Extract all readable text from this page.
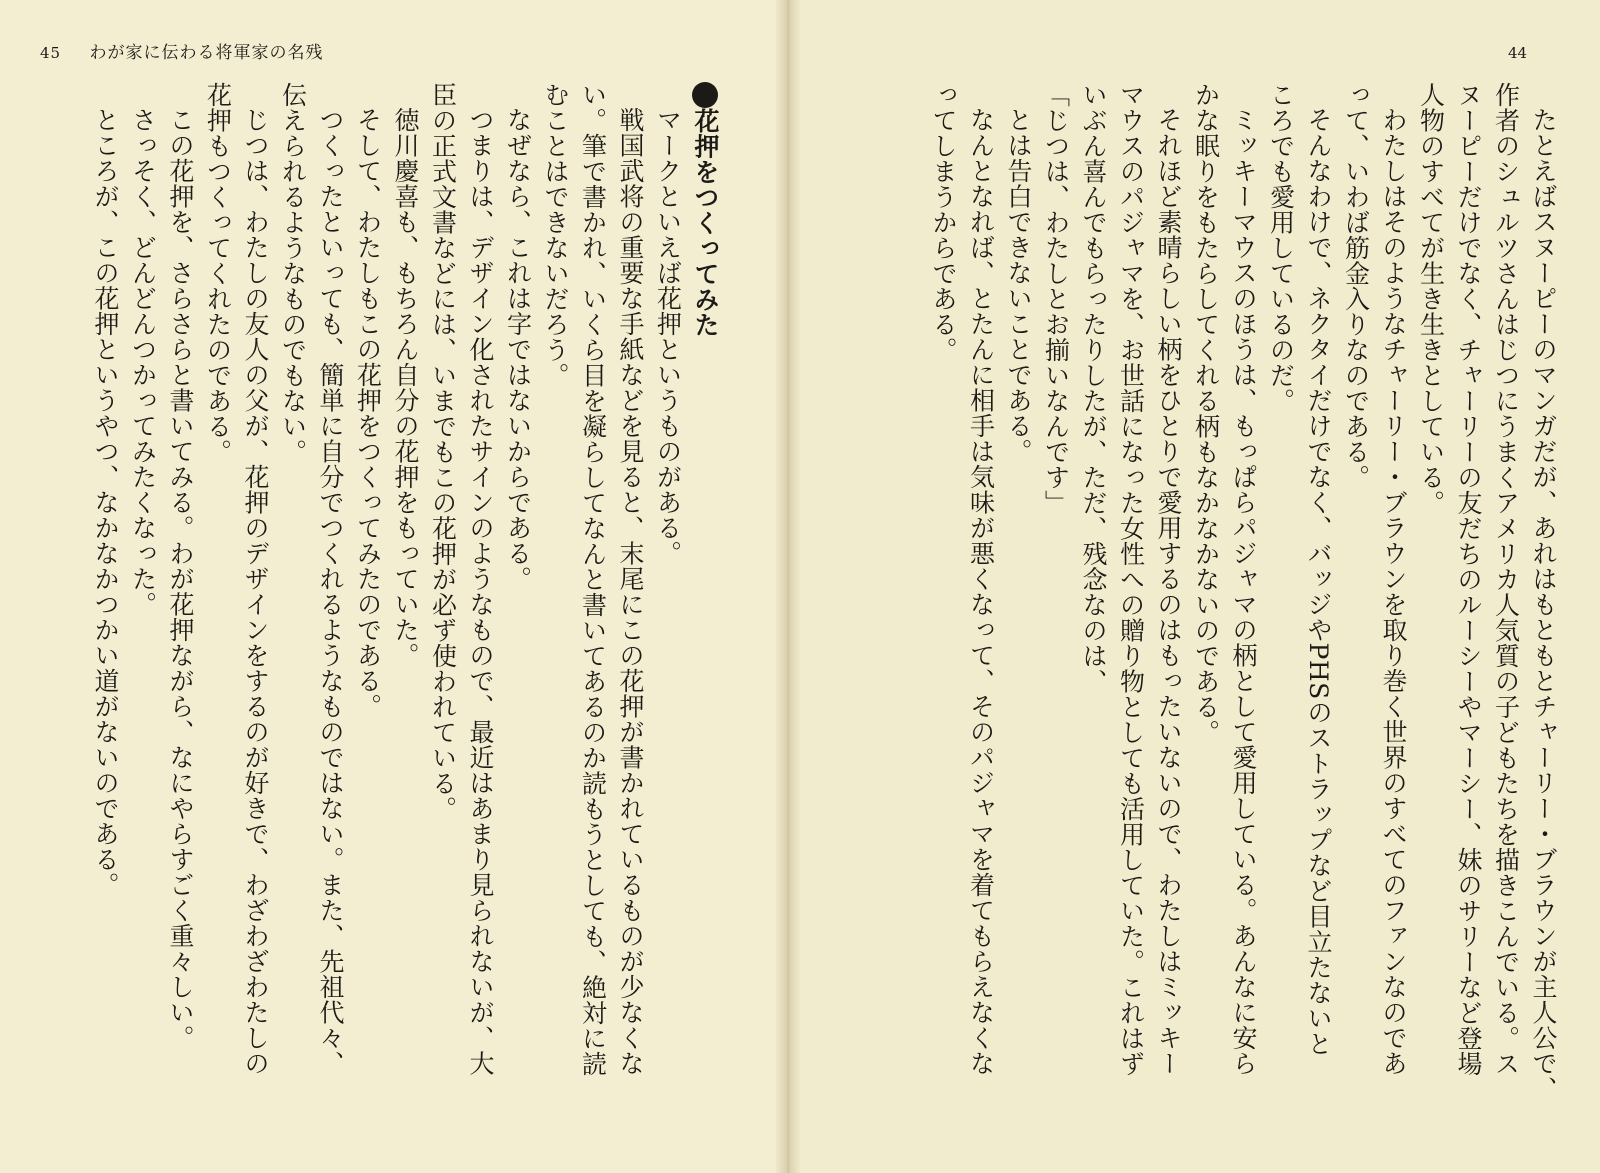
45 わが家に伝わる将軍家の名残

花押をつくってみた

マークといえば花押というものがある。

戦国武将の重要な手紙などを見ると、末尾にこの花押が書かれているものが少なくな

い。筆で書かれ、いくら目を凝らしてなんと書いてあるのか読もうとしても、絶対に読

むことはできないだろう。

なぜなら、これは字ではないからである。

つまりは、デザイン化されたサインのようなもので、最近はあまり見られないが、大

臣の正式文書などには、いまでもこの花押が必ず使われている。

徳川慶喜も、もちろん自分の花押をもっていた。

そして、わたしもこの花押をつくってみたのである。

つくったといっても、簡単に自分でつくれるようなものではない。また、先祖代々、

伝えられるようなものでもない。

じつは、わたしの友人の父が、花押のデザインをするのが好きで、わざわざわたしの

花押もつくってくれたのである。

この花押を、さらさらと書いてみる。わが花押ながら、なにやらすごく重々しい。

さっそく、どんどんつかってみたくなった。

ところが、この花押というやつ、なかなかつかい道がないのである。

44

たとえばスヌーピーのマンガだが、あれはもともとチャーリー・ブラウンが主人公で、

作者のシュルツさんはじつにうまくアメリカ人気質の子どもたちを描きこんでいる。ス

ヌーピーだけでなく、チャーリーの友だちのルーシーやマーシー、妹のサリーなど登場

人物のすべてが生き生きとしている。

わたしはそのようなチャーリー・ブラウンを取り巻く世界のすべてのファンなのであ

って、いわば筋金入りなのである。

そんなわけで、ネクタイだけでなく、バッジやPHSのストラップなど目立たないと

ころでも愛用しているのだ。

ミッキーマウスのほうは、もっぱらパジャマの柄として愛用している。あんなに安ら

かな眠りをもたらしてくれる柄もなかなかないのである。

それほど素晴らしい柄をひとりで愛用するのはもったいないので、わたしはミッキー

マウスのパジャマを、お世話になった女性への贈り物としても活用していた。これはず

いぶん喜んでもらったりしたが、ただ、残念なのは、

「じつは、わたしとお揃いなんです」

とは告白できないことである。

なんとなれば、とたんに相手は気味が悪くなって、そのパジャマを着てもらえなくな

ってしまうからである。
